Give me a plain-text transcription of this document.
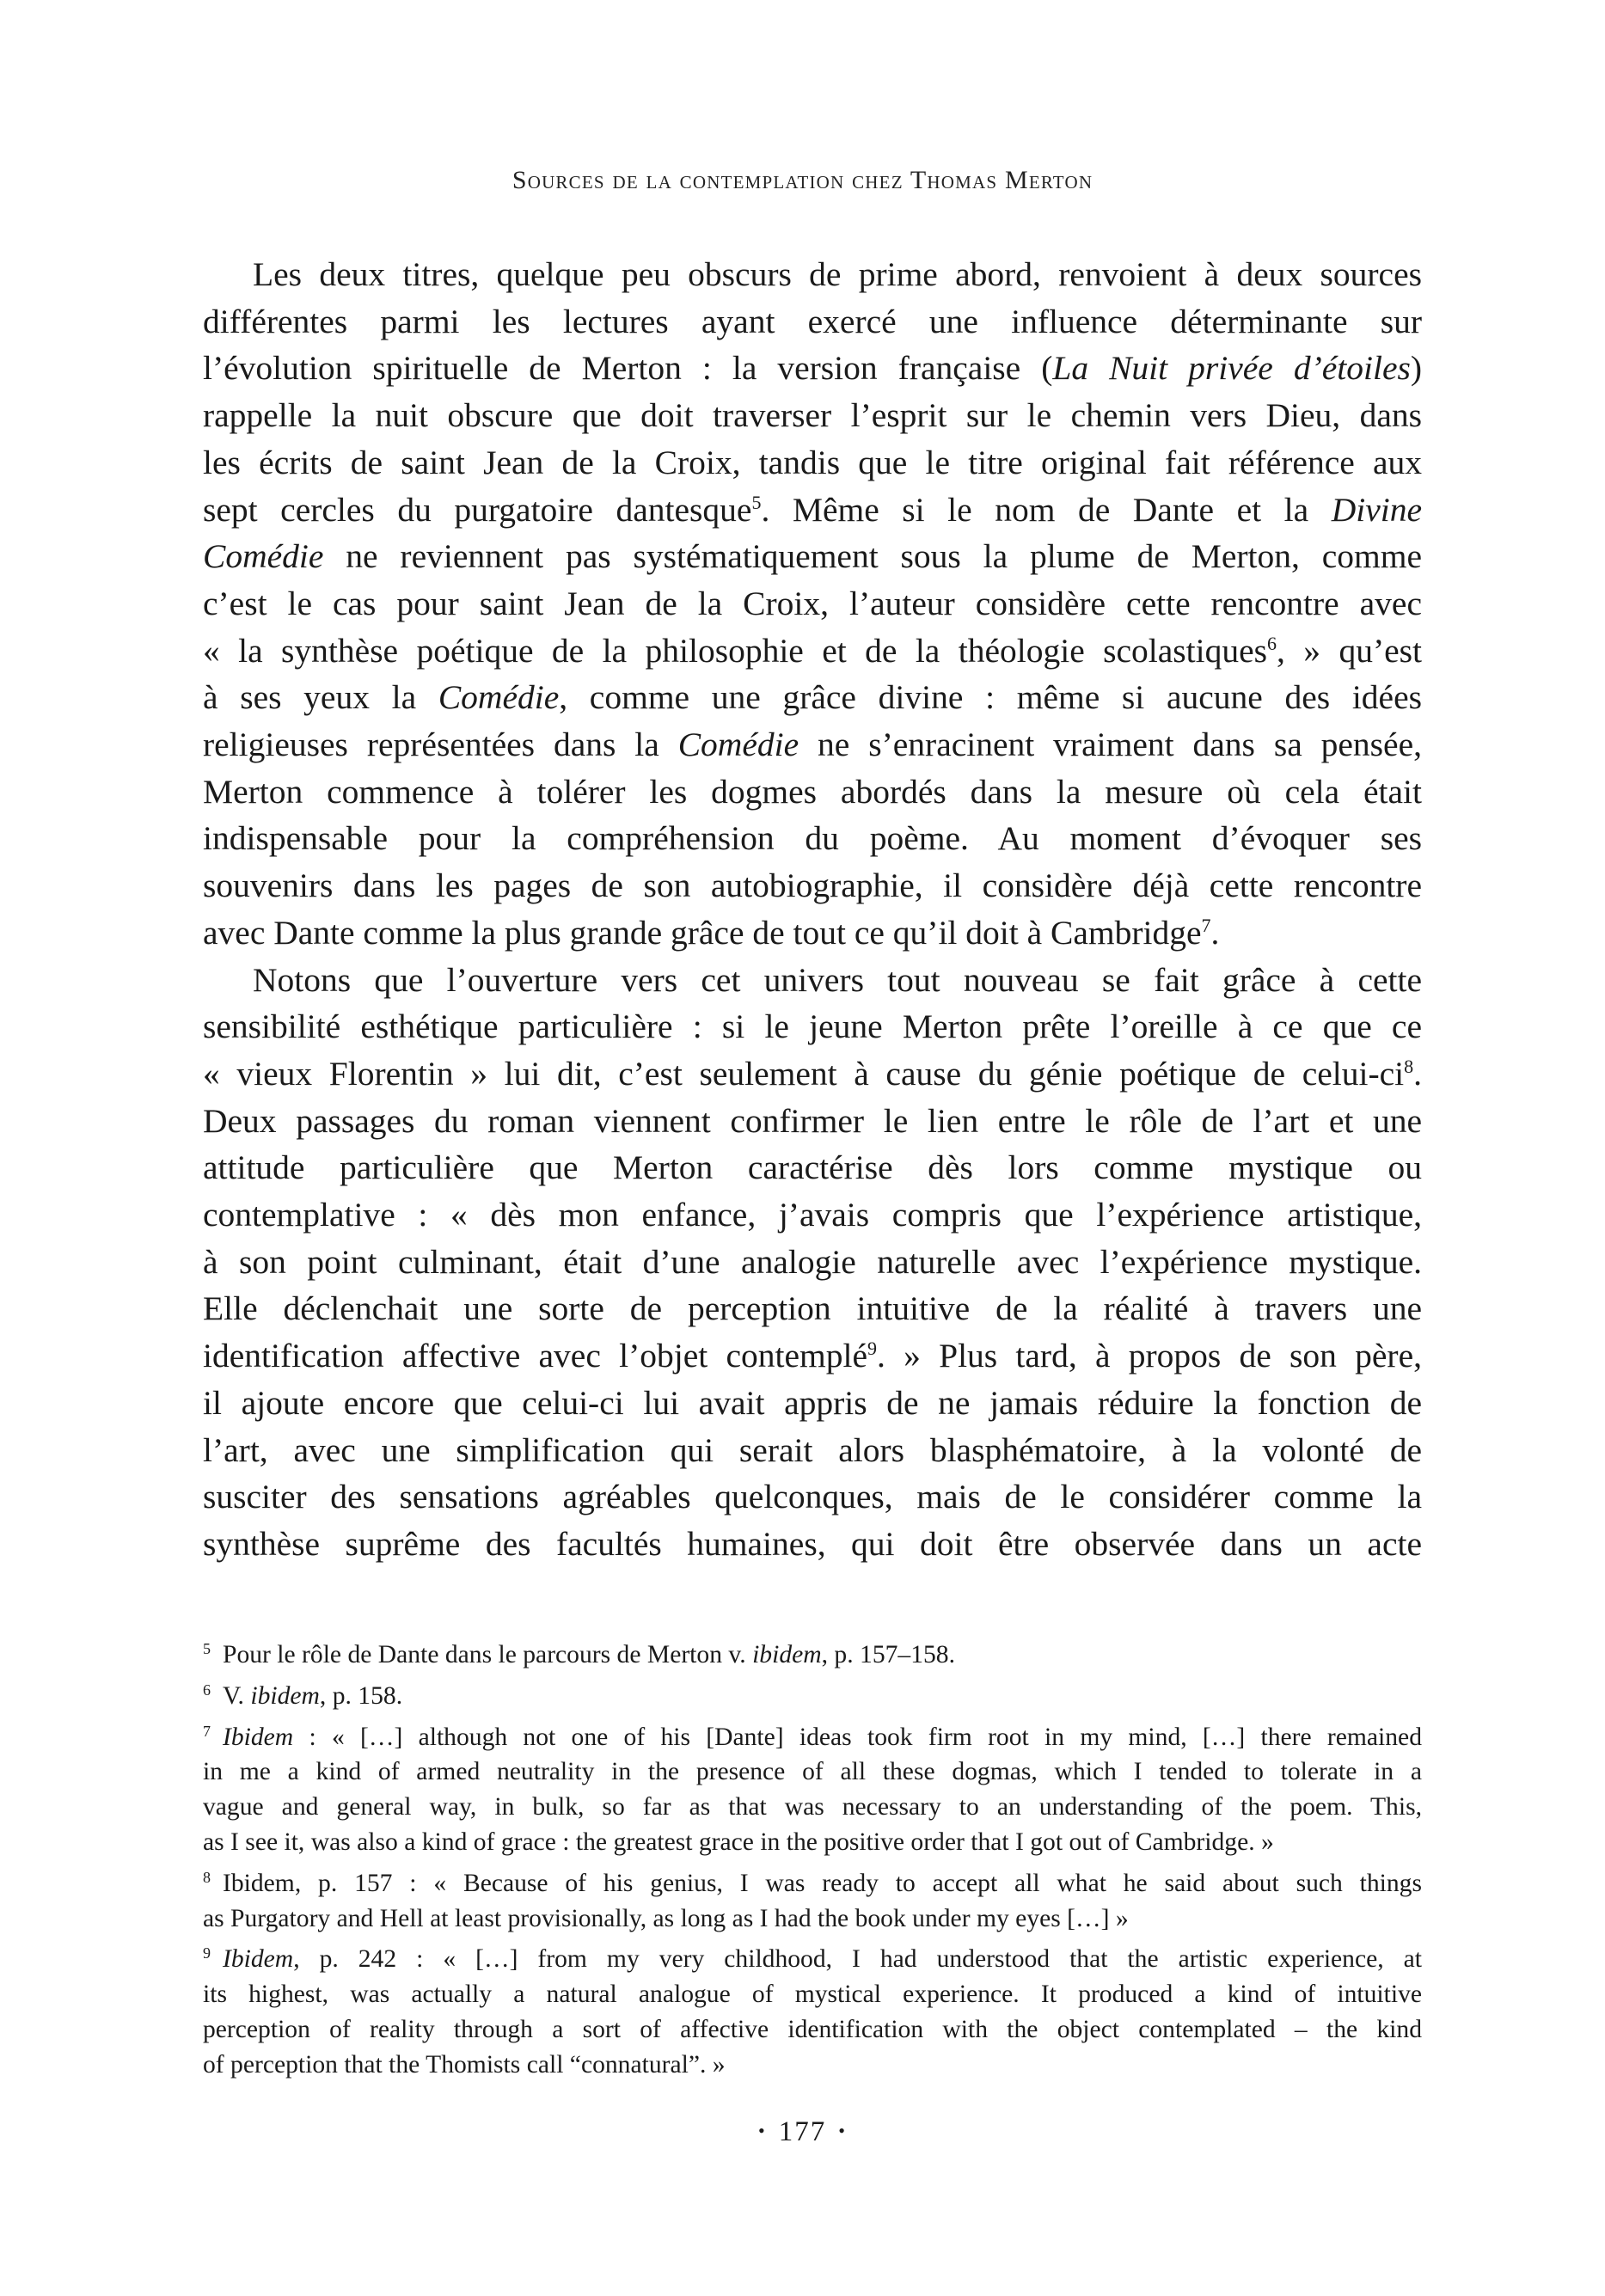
Sources de la contemplation chez Thomas Merton
Les deux titres, quelque peu obscurs de prime abord, renvoient à deux sources
différentes parmi les lectures ayant exercé une influence déterminante sur
l’évolution spirituelle de Merton : la version française (La Nuit privée d’étoiles)
rappelle la nuit obscure que doit traverser l’esprit sur le chemin vers Dieu, dans
les écrits de saint Jean de la Croix, tandis que le titre original fait référence aux
sept cercles du purgatoire dantesque$^5$. Même si le nom de Dante et la Divine
Comédie ne reviennent pas systématiquement sous la plume de Merton, comme
c’est le cas pour saint Jean de la Croix, l’auteur considère cette rencontre avec
« la synthèse poétique de la philosophie et de la théologie scolastiques$^6$, » qu’est
à ses yeux la Comédie, comme une grâce divine : même si aucune des idées
religieuses représentées dans la Comédie ne s’enracinent vraiment dans sa pensée,
Merton commence à tolérer les dogmes abordés dans la mesure où cela était
indispensable pour la compréhension du poème. Au moment d’évoquer ses
souvenirs dans les pages de son autobiographie, il considère déjà cette rencontre
avec Dante comme la plus grande grâce de tout ce qu’il doit à Cambridge$^7$.
Notons que l’ouverture vers cet univers tout nouveau se fait grâce à cette
sensibilité esthétique particulière : si le jeune Merton prête l’oreille à ce que ce
« vieux Florentin » lui dit, c’est seulement à cause du génie poétique de celui-$ci^8$.
Deux passages du roman viennent confirmer le lien entre le rôle de l’art et une
attitude particulière que Merton caractérise dès lors comme mystique ou
contemplative : « dès mon enfance, j’avais compris que l’expérience artistique,
à son point culminant, était d’une analogie naturelle avec l’expérience mystique.
Elle déclenchait une sorte de perception intuitive de la réalité à travers une
identification affective avec l’objet contemplé$^9$. » Plus tard, à propos de son père,
il ajoute encore que celui-ci lui avait appris de ne jamais réduire la fonction de
l’art, avec une simplification qui serait alors blasphématoire, à la volonté de
susciter des sensations agréables quelconques, mais de le considérer comme la
synthèse suprême des facultés humaines, qui doit être observée dans un acte
$^5$ Pour le rôle de Dante dans le parcours de Merton v. ibidem, p. 157–158.
$^6$ V. ibidem, p. 158.
$^7$ Ibidem : « […] although not one of his [Dante] ideas took firm root in my mind, […] there remained
in me a kind of armed neutrality in the presence of all these dogmas, which I tended to tolerate in a
vague and general way, in bulk, so far as that was necessary to an understanding of the poem. This,
as I see it, was also a kind of grace : the greatest grace in the positive order that I got out of Cambridge. »
$^8$ Ibidem, p. 157 : « Because of his genius, I was ready to accept all what he said about such things
as Purgatory and Hell at least provisionally, as long as I had the book under my eyes […] »
$^9$ Ibidem, p. 242 : « […] from my very childhood, I had understood that the artistic experience, at
its highest, was actually a natural analogue of mystical experience. It produced a kind of intuitive
perception of reality through a sort of affective identification with the object contemplated – the kind
of perception that the Thomists call “connatural”. »
• 177 •
